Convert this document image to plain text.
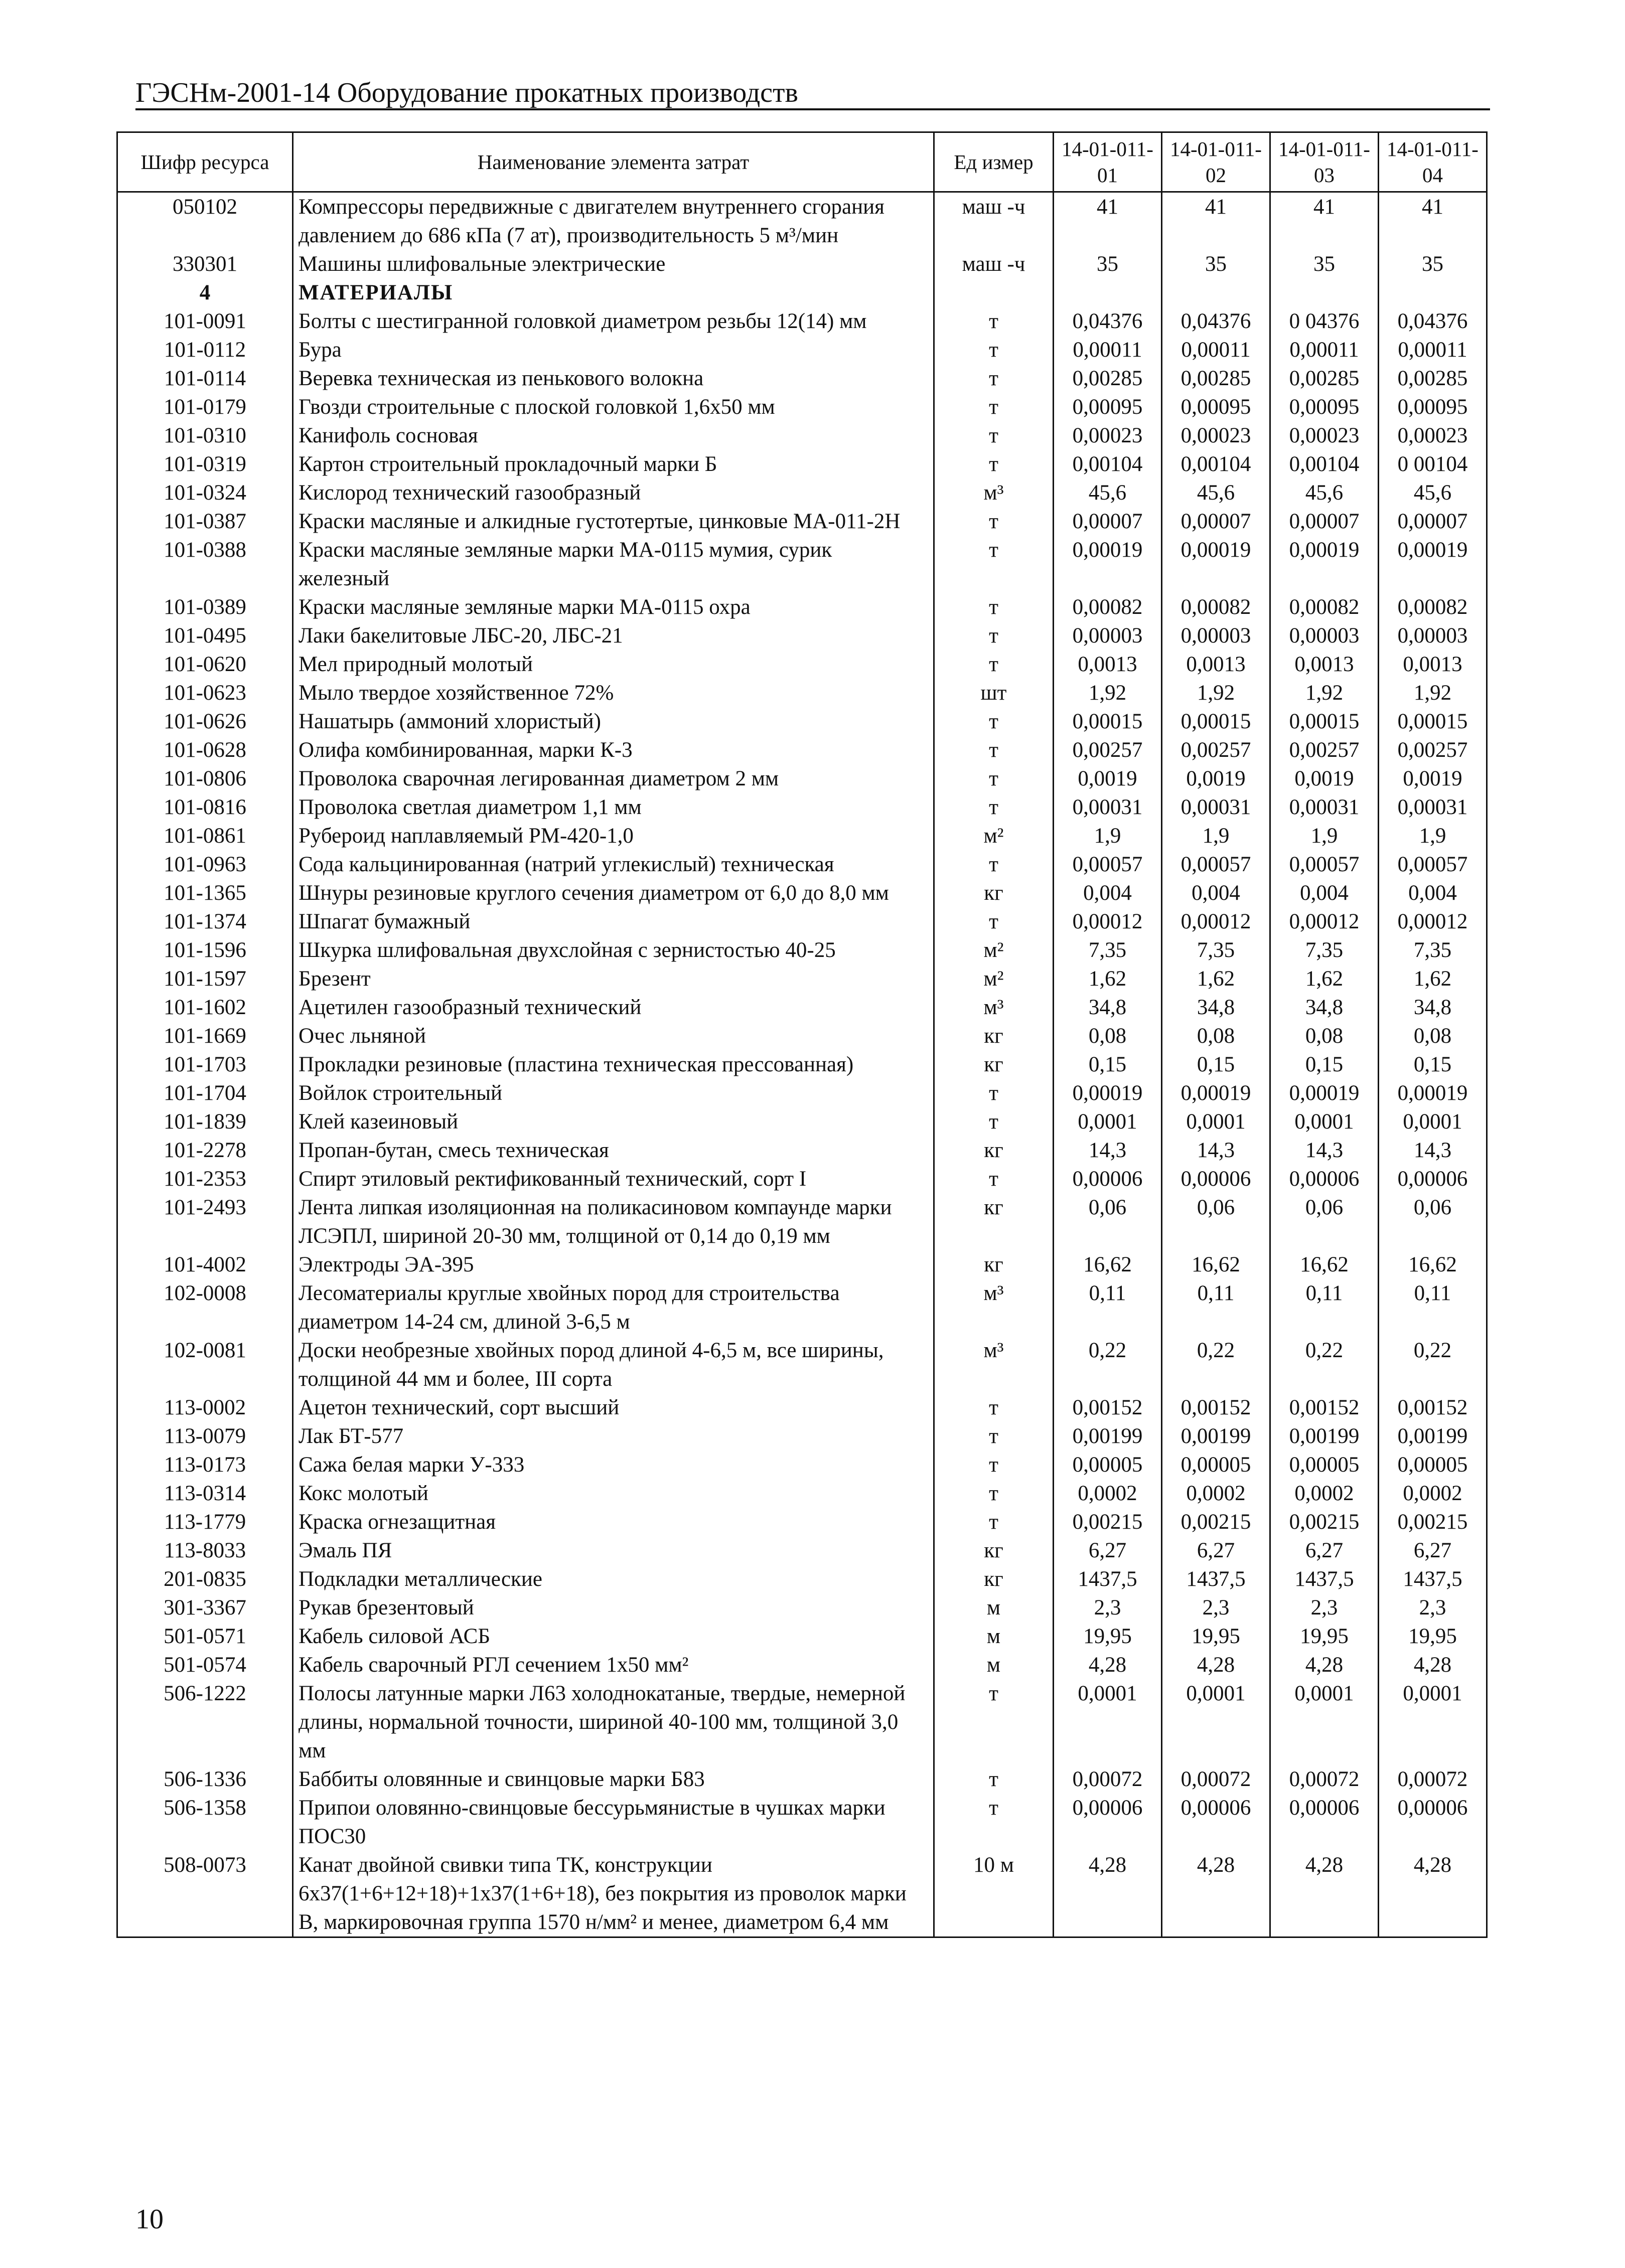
ГЭСНм-2001-14 Оборудование прокатных производств
Шифр ресурса	Наименование элемента затрат	Ед измер	14-01-011-01	14-01-011-02	14-01-011-03	14-01-011-04
050102	Компрессоры передвижные с двигателем внутреннего сгорания давлением до 686 кПа (7 ат), производительность 5 м³/мин	маш -ч	41	41	41	41
330301	Машины шлифовальные электрические	маш -ч	35	35	35	35
4	МАТЕРИАЛЫ					
101-0091	Болты с шестигранной головкой диаметром резьбы 12(14) мм	т	0,04376	0,04376	0 04376	0,04376
101-0112	Бура	т	0,00011	0,00011	0,00011	0,00011
101-0114	Веревка техническая из пенькового волокна	т	0,00285	0,00285	0,00285	0,00285
101-0179	Гвозди строительные с плоской головкой 1,6х50 мм	т	0,00095	0,00095	0,00095	0,00095
101-0310	Канифоль сосновая	т	0,00023	0,00023	0,00023	0,00023
101-0319	Картон строительный прокладочный марки Б	т	0,00104	0,00104	0,00104	0 00104
101-0324	Кислород технический газообразный	м³	45,6	45,6	45,6	45,6
101-0387	Краски масляные и алкидные густотертые, цинковые МА-011-2Н	т	0,00007	0,00007	0,00007	0,00007
101-0388	Краски масляные земляные марки МА-0115 мумия, сурик железный	т	0,00019	0,00019	0,00019	0,00019
101-0389	Краски масляные земляные марки МА-0115 охра	т	0,00082	0,00082	0,00082	0,00082
101-0495	Лаки бакелитовые ЛБС-20, ЛБС-21	т	0,00003	0,00003	0,00003	0,00003
101-0620	Мел природный молотый	т	0,0013	0,0013	0,0013	0,0013
101-0623	Мыло твердое хозяйственное 72%	шт	1,92	1,92	1,92	1,92
101-0626	Нашатырь (аммоний хлористый)	т	0,00015	0,00015	0,00015	0,00015
101-0628	Олифа комбинированная, марки К-3	т	0,00257	0,00257	0,00257	0,00257
101-0806	Проволока сварочная легированная диаметром 2 мм	т	0,0019	0,0019	0,0019	0,0019
101-0816	Проволока светлая диаметром 1,1 мм	т	0,00031	0,00031	0,00031	0,00031
101-0861	Рубероид наплавляемый РМ-420-1,0	м²	1,9	1,9	1,9	1,9
101-0963	Сода кальцинированная (натрий углекислый) техническая	т	0,00057	0,00057	0,00057	0,00057
101-1365	Шнуры резиновые круглого сечения диаметром от 6,0 до 8,0 мм	кг	0,004	0,004	0,004	0,004
101-1374	Шпагат бумажный	т	0,00012	0,00012	0,00012	0,00012
101-1596	Шкурка шлифовальная двухслойная с зернистостью 40-25	м²	7,35	7,35	7,35	7,35
101-1597	Брезент	м²	1,62	1,62	1,62	1,62
101-1602	Ацетилен газообразный технический	м³	34,8	34,8	34,8	34,8
101-1669	Очес льняной	кг	0,08	0,08	0,08	0,08
101-1703	Прокладки резиновые (пластина техническая прессованная)	кг	0,15	0,15	0,15	0,15
101-1704	Войлок строительный	т	0,00019	0,00019	0,00019	0,00019
101-1839	Клей казеиновый	т	0,0001	0,0001	0,0001	0,0001
101-2278	Пропан-бутан, смесь техническая	кг	14,3	14,3	14,3	14,3
101-2353	Спирт этиловый ректификованный технический, сорт I	т	0,00006	0,00006	0,00006	0,00006
101-2493	Лента липкая изоляционная на поликасиновом компаунде марки ЛСЭПЛ, шириной 20-30 мм, толщиной от 0,14 до 0,19 мм	кг	0,06	0,06	0,06	0,06
101-4002	Электроды ЭА-395	кг	16,62	16,62	16,62	16,62
102-0008	Лесоматериалы круглые хвойных пород для строительства диаметром 14-24 см, длиной 3-6,5 м	м³	0,11	0,11	0,11	0,11
102-0081	Доски необрезные хвойных пород длиной 4-6,5 м, все ширины, толщиной 44 мм и более, III сорта	м³	0,22	0,22	0,22	0,22
113-0002	Ацетон технический, сорт высший	т	0,00152	0,00152	0,00152	0,00152
113-0079	Лак БТ-577	т	0,00199	0,00199	0,00199	0,00199
113-0173	Сажа белая марки У-333	т	0,00005	0,00005	0,00005	0,00005
113-0314	Кокс молотый	т	0,0002	0,0002	0,0002	0,0002
113-1779	Краска огнезащитная	т	0,00215	0,00215	0,00215	0,00215
113-8033	Эмаль ПЯ	кг	6,27	6,27	6,27	6,27
201-0835	Подкладки металлические	кг	1437,5	1437,5	1437,5	1437,5
301-3367	Рукав брезентовый	м	2,3	2,3	2,3	2,3
501-0571	Кабель силовой АСБ	м	19,95	19,95	19,95	19,95
501-0574	Кабель сварочный РГЛ сечением 1х50 мм²	м	4,28	4,28	4,28	4,28
506-1222	Полосы латунные марки Л63 холоднокатаные, твердые, немерной длины, нормальной точности, шириной 40-100 мм, толщиной 3,0 мм	т	0,0001	0,0001	0,0001	0,0001
506-1336	Баббиты оловянные и свинцовые марки Б83	т	0,00072	0,00072	0,00072	0,00072
506-1358	Припои оловянно-свинцовые бессурьмянистые в чушках марки ПОС30	т	0,00006	0,00006	0,00006	0,00006
508-0073	Канат двойной свивки типа ТК, конструкции 6х37(1+6+12+18)+1х37(1+6+18), без покрытия из проволок марки В, маркировочная группа 1570 н/мм² и менее, диаметром 6,4 мм	10 м	4,28	4,28	4,28	4,28
10
